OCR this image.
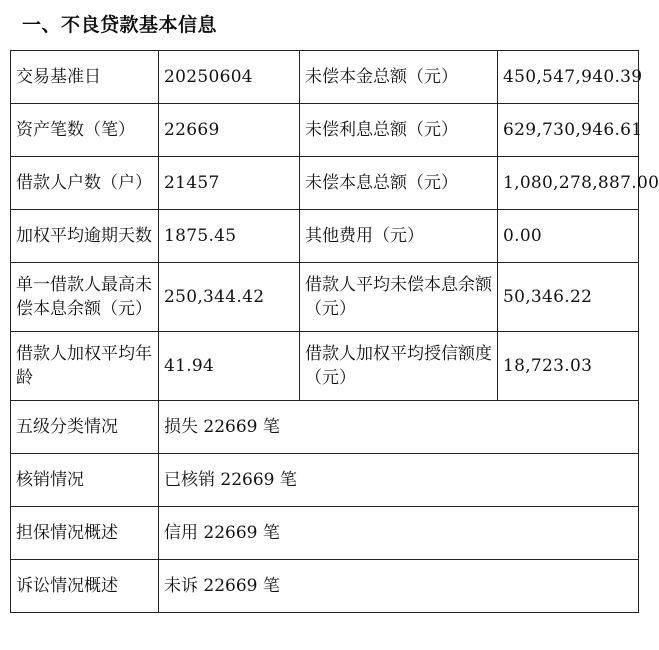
一、不良贷款基本信息
交易基准日	20250604	未偿本金总额（元）	450,547,940.39
资产笔数（笔）	22669	未偿利息总额（元）	629,730,946.61
借款人户数（户）	21457	未偿本息总额（元）	1,080,278,887.00
加权平均逾期天数	1875.45	其他费用（元）	0.00
单一借款人最高未偿本息余额（元）	250,344.42	借款人平均未偿本息余额（元）	50,346.22
借款人加权平均年龄	41.94	借款人加权平均授信额度（元）	18,723.03
五级分类情况	损失 22669 笔		
核销情况	已核销 22669 笔		
担保情况概述	信用 22669 笔		
诉讼情况概述	未诉 22669 笔		
